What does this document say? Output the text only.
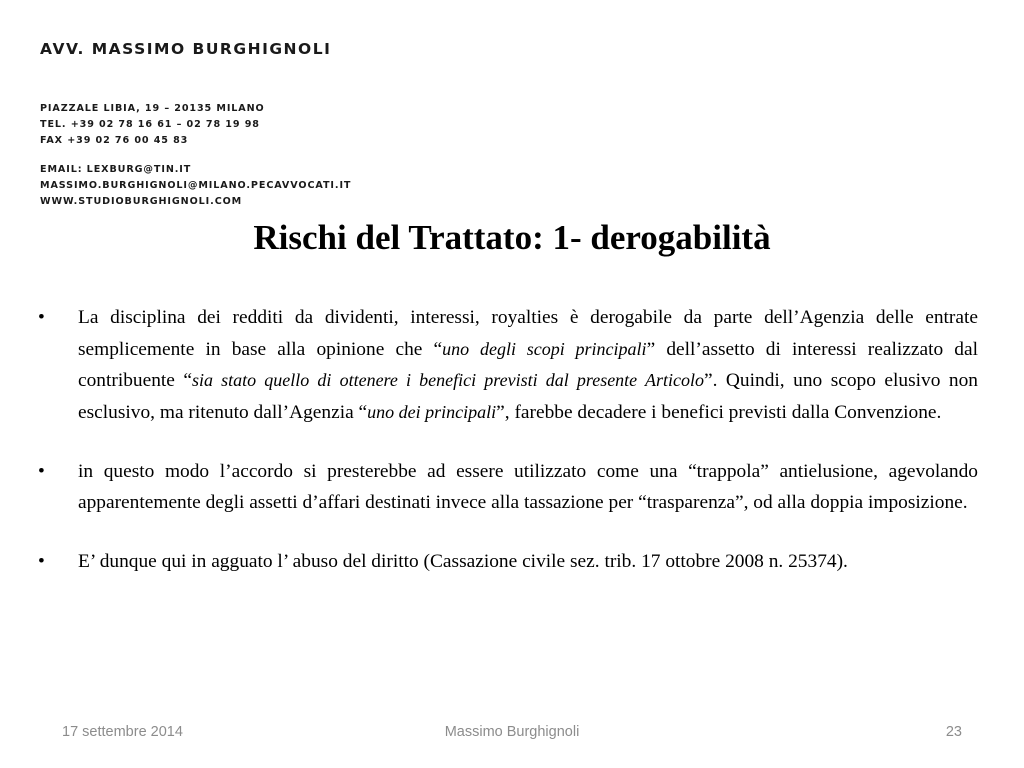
AVV. MASSIMO BURGHIGNOLI

PIAZZALE LIBIA, 19 – 20135 MILANO
TEL. +39 02 78 16 61 – 02 78 19 98
FAX +39 02 76 00 45 83
EMAIL: LEXBURG@TIN.IT
MASSIMO.BURGHIGNOLI@MILANO.PECAVVOCATI.IT
WWW.STUDIOBURGHIGNOLI.COM
Rischi del Trattato: 1- derogabilità
•	La disciplina dei redditi da dividenti, interessi, royalties è derogabile da parte dell’Agenzia delle entrate semplicemente in base alla opinione che “uno degli scopi principali” dell’assetto di interessi realizzato dal contribuente “sia stato quello di ottenere i benefici previsti dal presente Articolo”. Quindi, uno scopo elusivo non esclusivo, ma ritenuto dall’Agenzia “uno dei principali”, farebbe decadere i benefici previsti dalla Convenzione.
•	in questo modo l’accordo si presterebbe ad essere utilizzato come una “trappola” antielusione, agevolando apparentemente degli assetti d’affari destinati invece alla tassazione per “trasparenza”, od alla doppia imposizione.
•	E’ dunque qui in agguato l’ abuso del diritto (Cassazione civile sez. trib. 17 ottobre 2008 n. 25374).
17 settembre 2014	Massimo Burghignoli	23
